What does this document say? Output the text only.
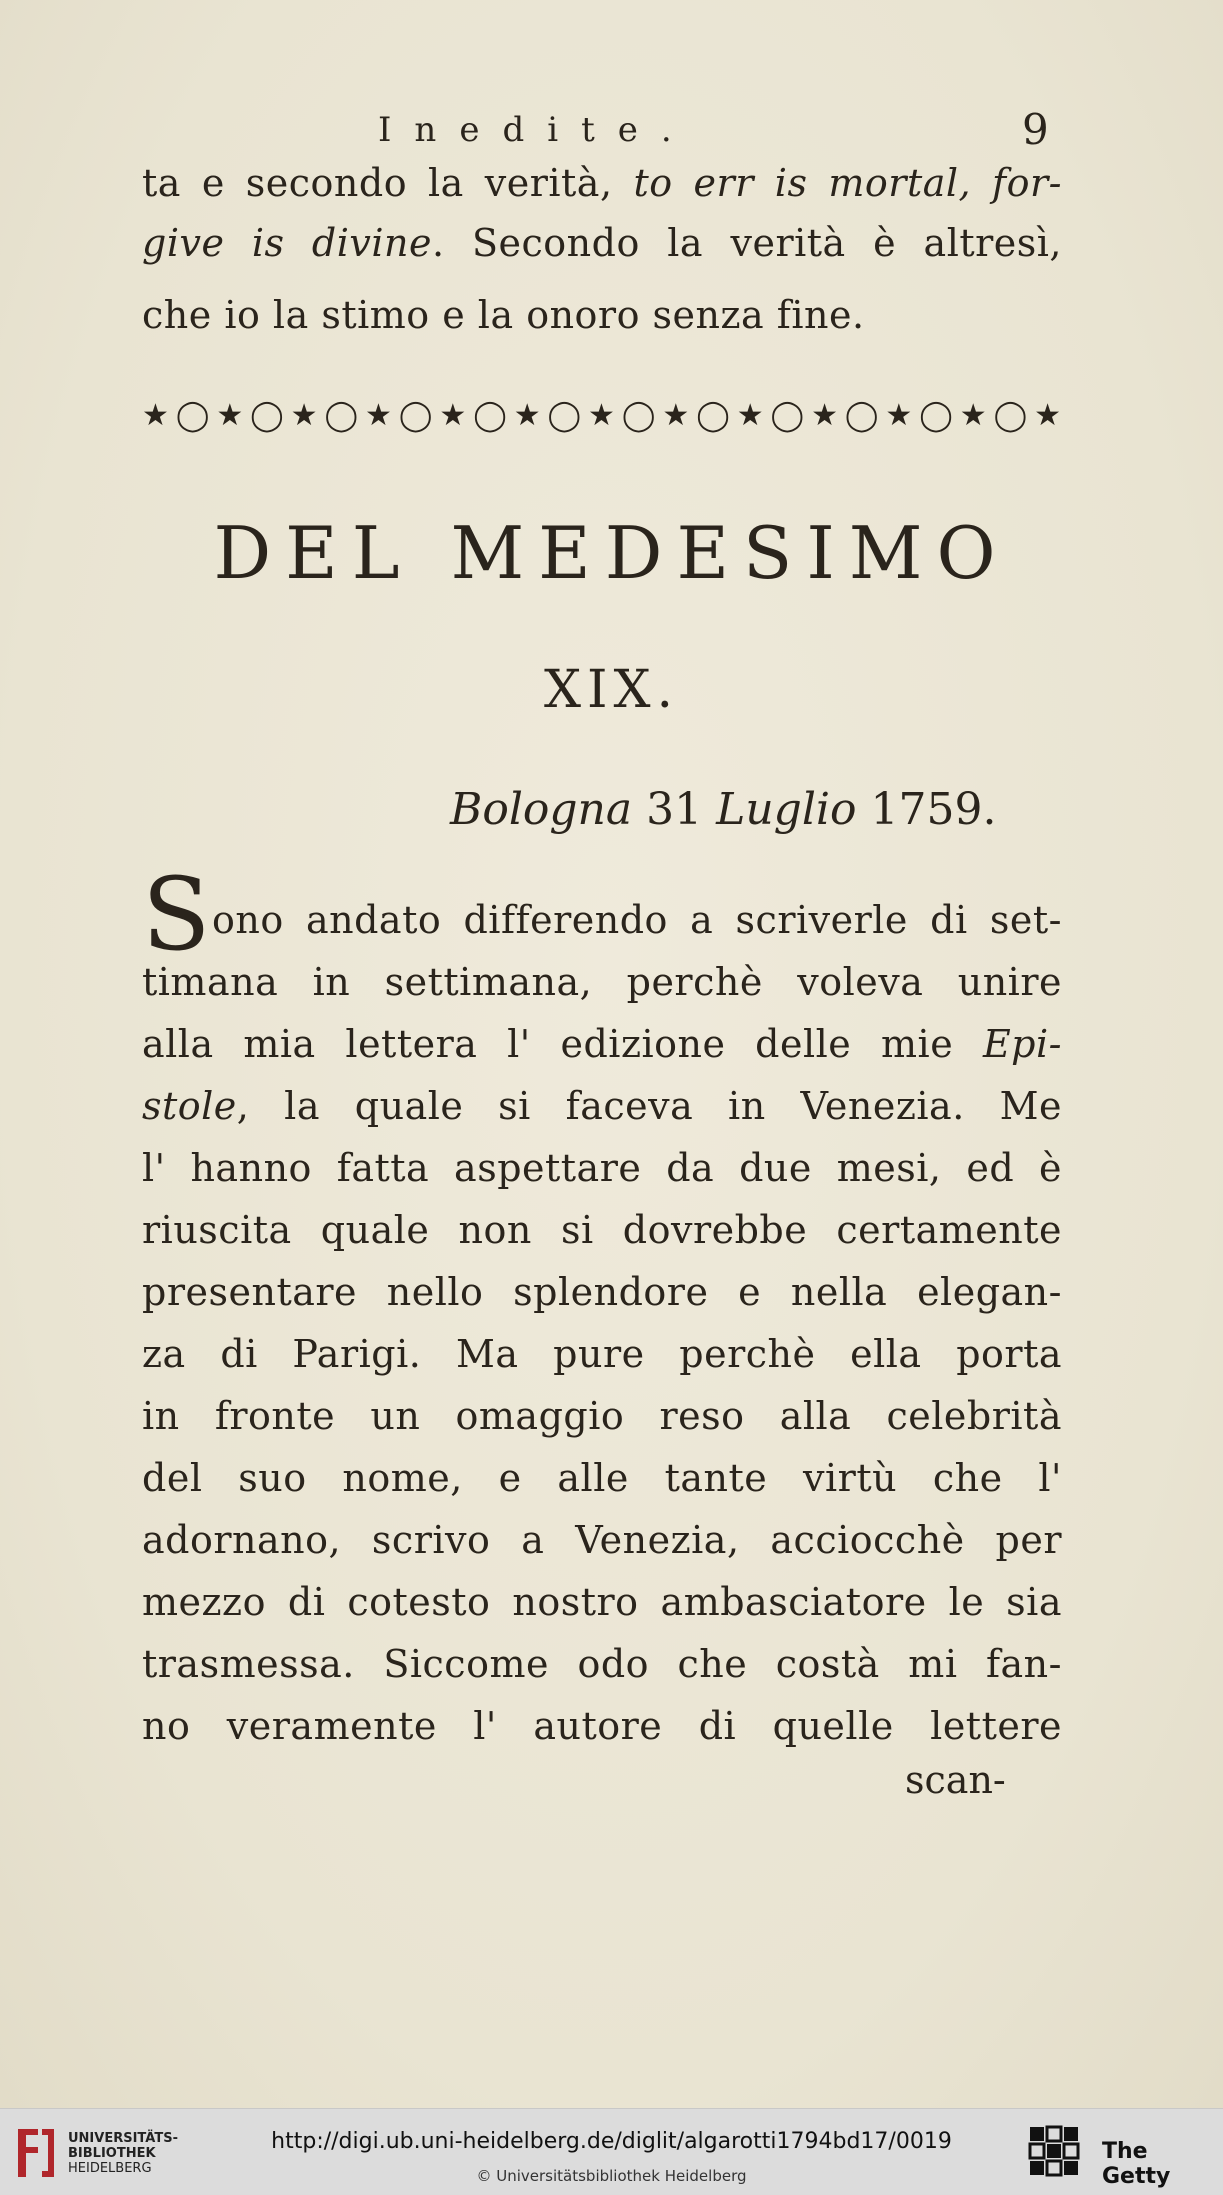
Inedite.	9
ta e secondo la verità, to err is mortal, for-
give is divine. Secondo la verità è altresì,
che io la stimo e la onoro senza fine.
★◯★◯★◯★◯★◯★◯★◯★◯★◯★◯★◯★◯★
DEL MEDESIMO
XIX.
Bologna 31 Luglio 1759.
S ono andato differendo a scriverle di set-
timana in settimana, perchè voleva unire
alla mia lettera l' edizione delle mie Epi-
stole, la quale si faceva in Venezia. Me
l' hanno fatta aspettare da due mesi, ed è
riuscita quale non si dovrebbe certamente
presentare nello splendore e nella elegan-
za di Parigi. Ma pure perchè ella porta
in fronte un omaggio reso alla celebrità
del suo nome, e alle tante virtù che l'
adornano, scrivo a Venezia, acciocchè per
mezzo di cotesto nostro ambasciatore le sia
trasmessa. Siccome odo che costà mi fan-
no veramente l' autore di quelle lettere
scan-
UNIVERSITÄTS-
BIBLIOTHEK
HEIDELBERG
http://digi.ub.uni-heidelberg.de/diglit/algarotti1794bd17/0019
© Universitätsbibliothek Heidelberg
The Getty
